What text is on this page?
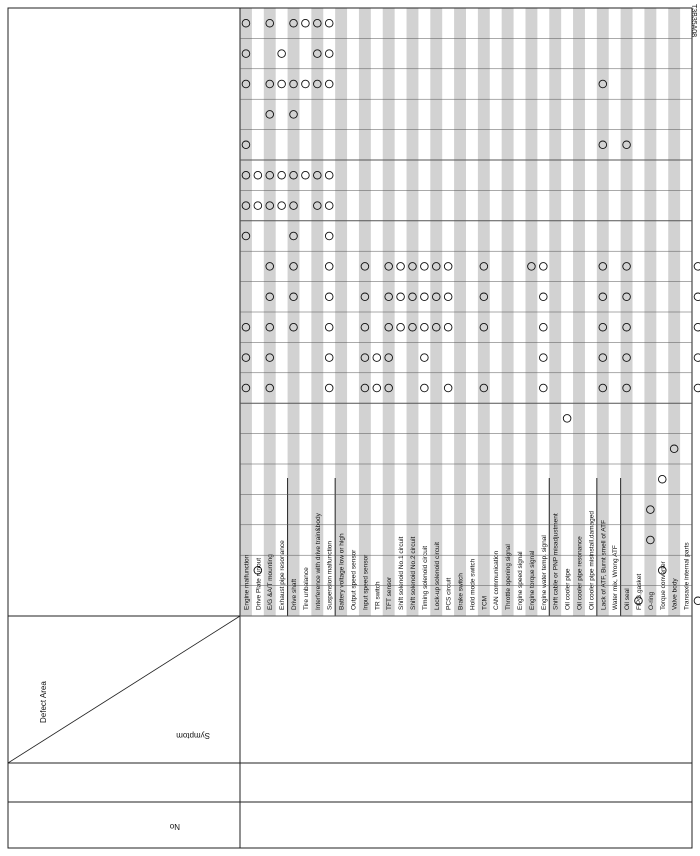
Defect Area
Symptom
No
Engine malfunction Drive Plate runout E/G &A/T mounting Exhaust pipe resonance Drive shaft Tire unbalance Interference with drive train&body Suspension malfunction Battery voltage low or high Output speed sensor Input speed sensor TR switch TFT sensor Shift solenoid No.1 circuit Shift solenoid No.2 circuit Timing solenoid circuit Lock-up solenoid circuit PCS circuit Brake switch Hold mode switch TCM CAN communication Throttle opening signal Engine speed signal Engine torque signal Engine water temp. signal Shift cable or PNP misadjustment Oil cooler pipe Oil cooler pipe resonance Oil cooler pipe misinstall,damaged Lack of ATF, Burnt smell of ATF Water mix, Wrong ATF Oil seal FIPG,gasket O-ring Torque converter Valve body Transaxle internal parts
T3B35A08
